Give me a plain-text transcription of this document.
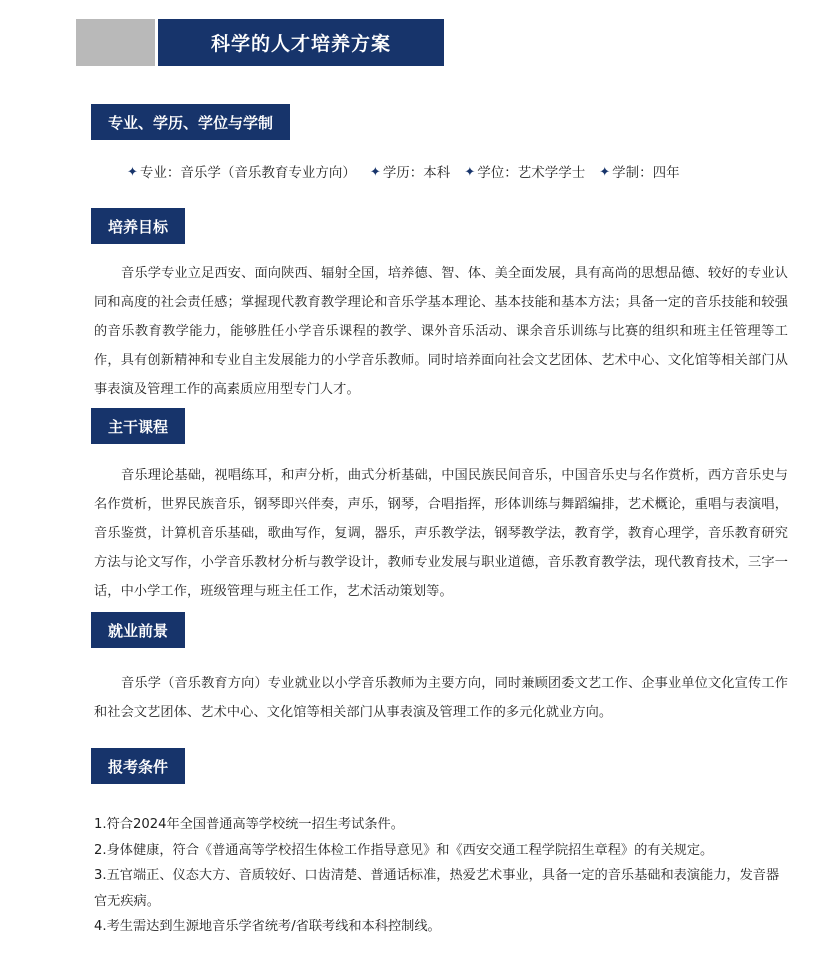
科学的人才培养方案
专业、学历、学位与学制
✦ 专业：音乐学（音乐教育专业方向） ✦ 学历：本科 ✦ 学位：艺术学学士 ✦ 学制：四年
培养目标

音乐学专业立足西安、面向陕西、辐射全国，培养德、智、体、美全面发展，具有高尚的思想品德、较好的专业认同和高度的社会责任感；掌握现代教育教学理论和音乐学基本理论、基本技能和基本方法；具备一定的音乐技能和较强的音乐教育教学能力，能够胜任小学音乐课程的教学、课外音乐活动、课余音乐训练与比赛的组织和班主任管理等工作，具有创新精神和专业自主发展能力的小学音乐教师。同时培养面向社会文艺团体、艺术中心、文化馆等相关部门从事表演及管理工作的高素质应用型专门人才。

主干课程

音乐理论基础，视唱练耳，和声分析，曲式分析基础，中国民族民间音乐，中国音乐史与名作赏析，西方音乐史与名作赏析，世界民族音乐，钢琴即兴伴奏，声乐，钢琴，合唱指挥，形体训练与舞蹈编排，艺术概论，重唱与表演唱，音乐鉴赏，计算机音乐基础，歌曲写作，复调，器乐，声乐教学法，钢琴教学法，教育学，教育心理学，音乐教育研究方法与论文写作，小学音乐教材分析与教学设计，教师专业发展与职业道德，音乐教育教学法，现代教育技术，三字一话，中小学工作，班级管理与班主任工作，艺术活动策划等。

就业前景

音乐学（音乐教育方向）专业就业以小学音乐教师为主要方向，同时兼顾团委文艺工作、企事业单位文化宣传工作和社会文艺团体、艺术中心、文化馆等相关部门从事表演及管理工作的多元化就业方向。

报考条件

1.符合2024年全国普通高等学校统一招生考试条件。

2.身体健康，符合《普通高等学校招生体检工作指导意见》和《西安交通工程学院招生章程》的有关规定。

3.五官端正、仪态大方、音质较好、口齿清楚、普通话标准，热爱艺术事业，具备一定的音乐基础和表演能力，发音器官无疾病。

4.考生需达到生源地音乐学省统考/省联考线和本科控制线。
